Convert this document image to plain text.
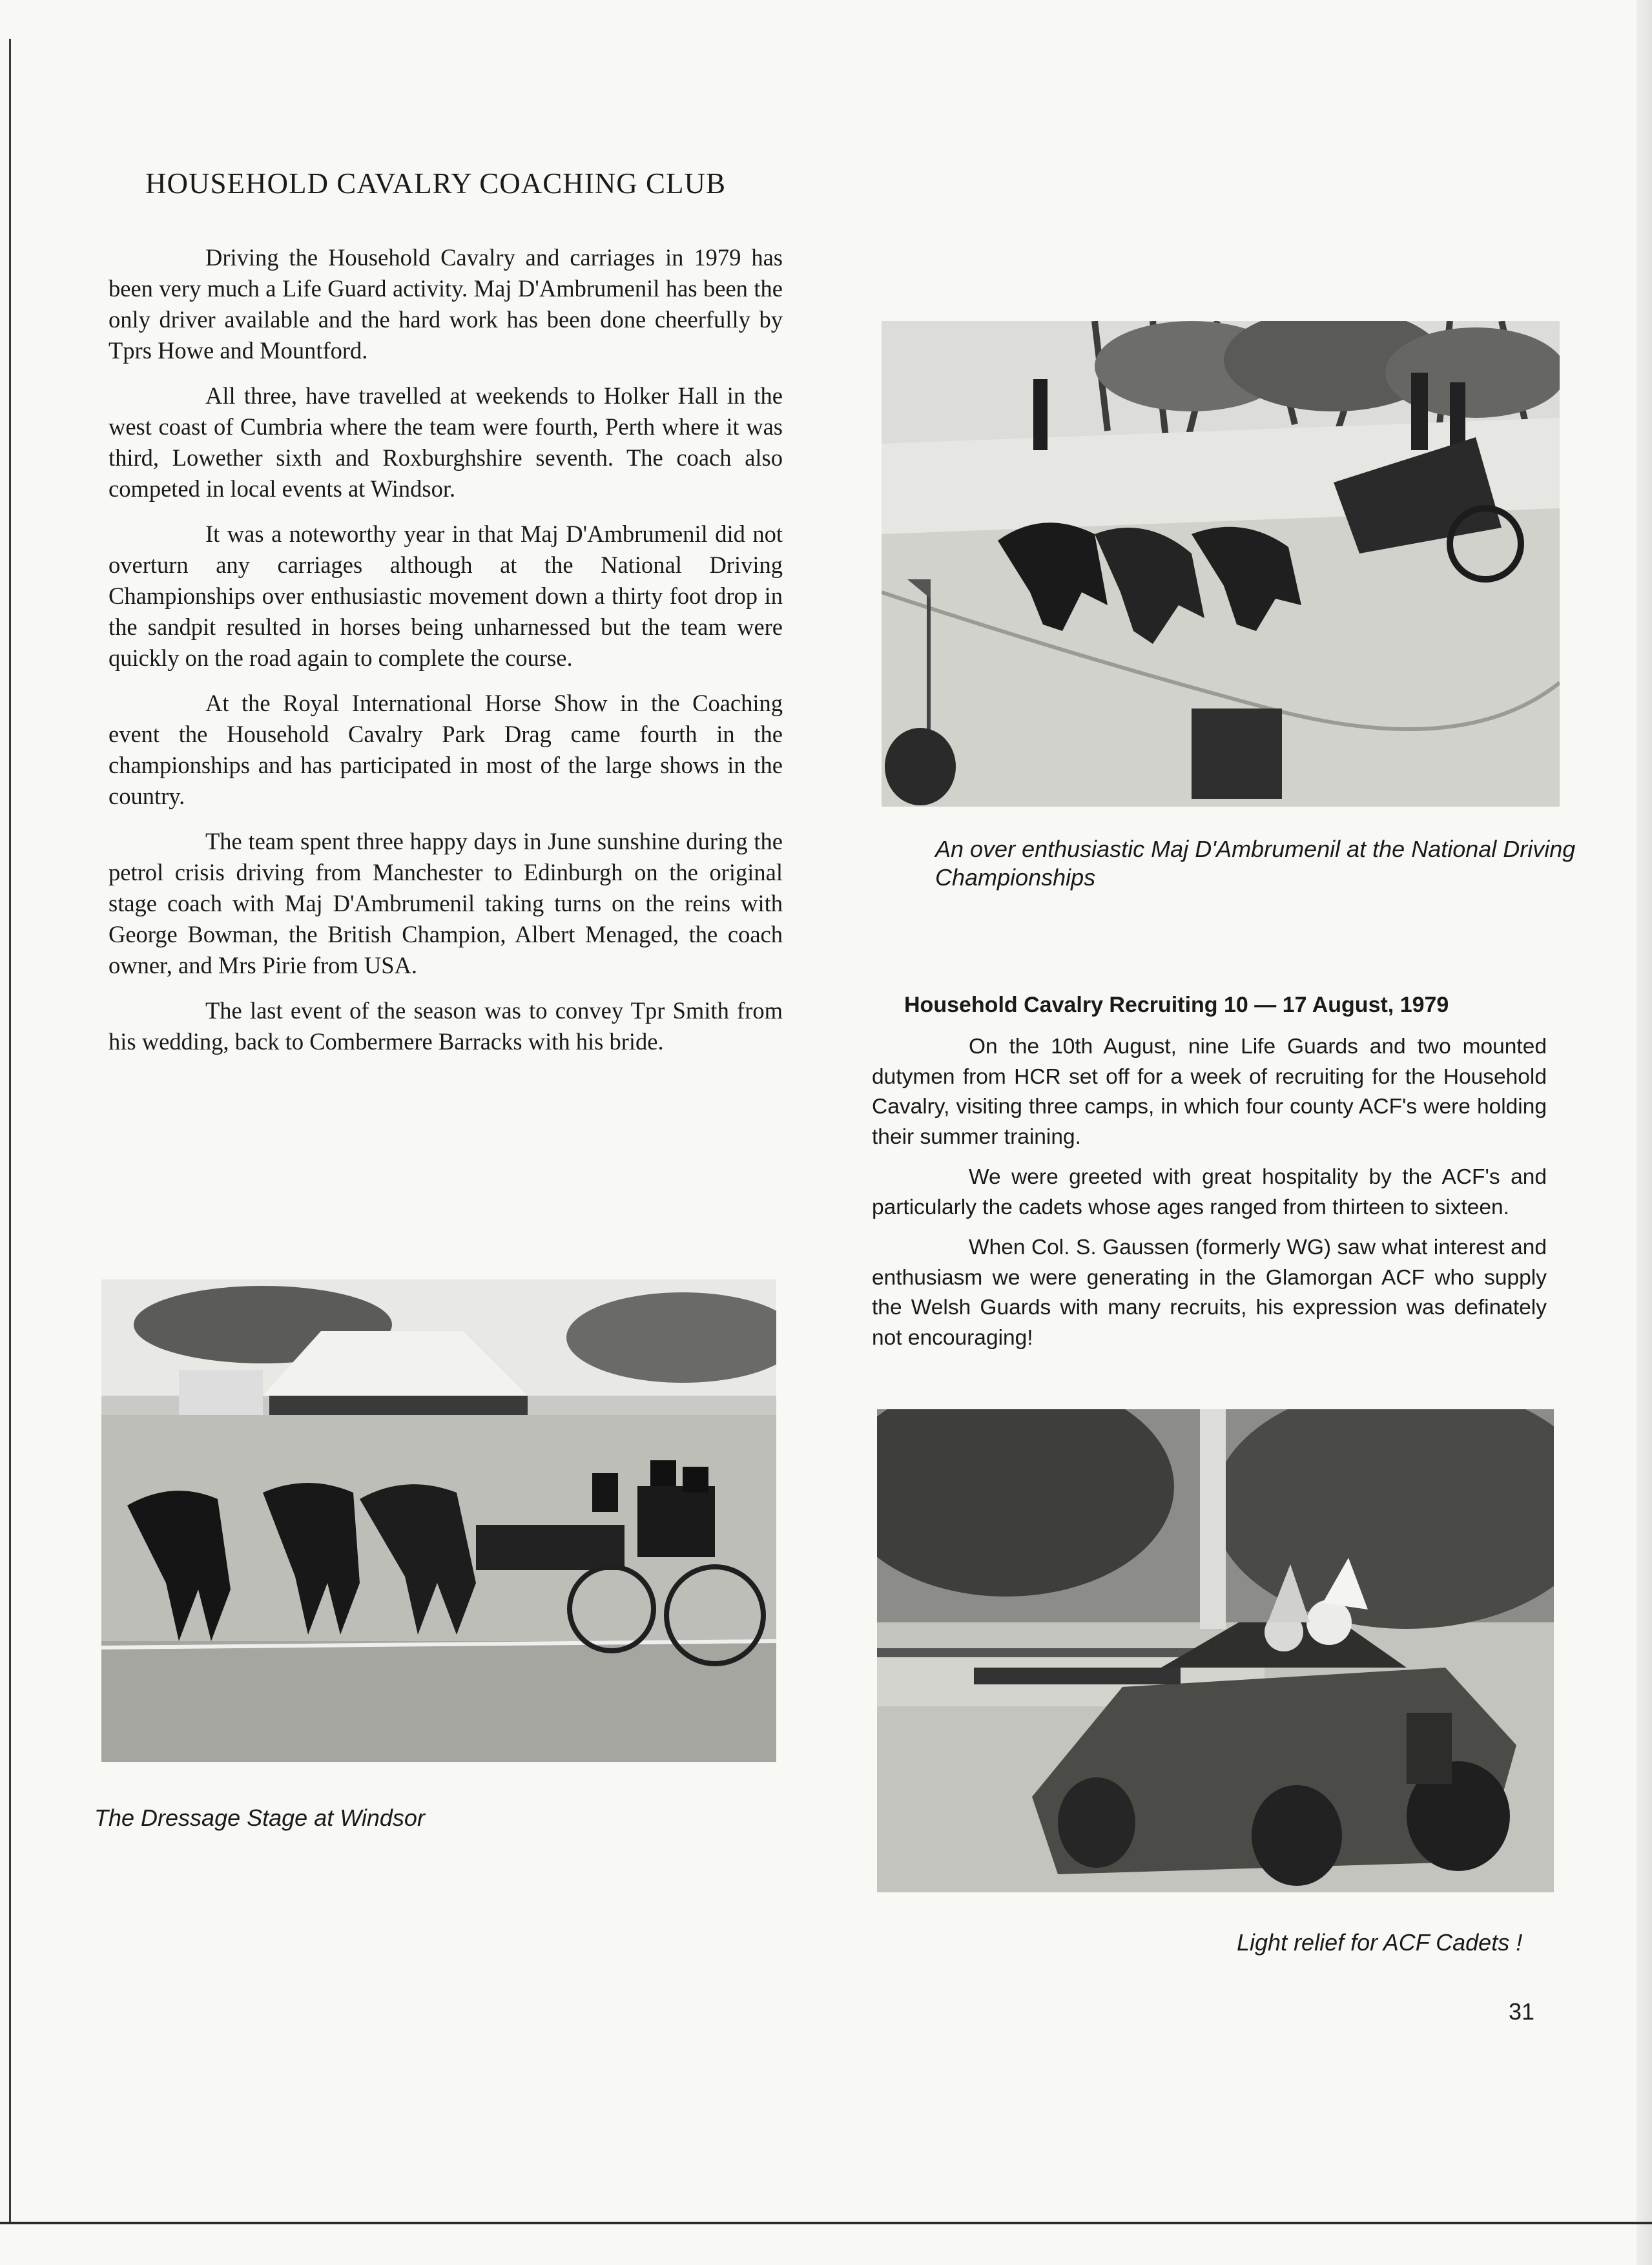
HOUSEHOLD CAVALRY COACHING CLUB

Driving the Household Cavalry and carriages in 1979 has been very much a Life Guard activity. Maj D'Ambrumenil has been the only driver available and the hard work has been done cheerfully by Tprs Howe and Mountford.

All three, have travelled at weekends to Holker Hall in the west coast of Cumbria where the team were fourth, Perth where it was third, Lowether sixth and Roxburghshire seventh. The coach also competed in local events at Windsor.

It was a noteworthy year in that Maj D'Ambrumenil did not overturn any carriages although at the National Driving Championships over enthusiastic movement down a thirty foot drop in the sandpit resulted in horses being unharnessed but the team were quickly on the road again to complete the course.

At the Royal International Horse Show in the Coaching event the Household Cavalry Park Drag came fourth in the championships and has participated in most of the large shows in the country.

The team spent three happy days in June sunshine during the petrol crisis driving from Manchester to Edinburgh on the original stage coach with Maj D'Ambrumenil taking turns on the reins with George Bowman, the British Champion, Albert Menaged, the coach owner, and Mrs Pirie from USA.

The last event of the season was to convey Tpr Smith from his wedding, back to Combermere Barracks with his bride.

An over enthusiastic Maj D'Ambrumenil at the National Driving Championships
The Dressage Stage at Windsor
Household Cavalry Recruiting 10 — 17 August, 1979

On the 10th August, nine Life Guards and two mounted dutymen from HCR set off for a week of recruiting for the Household Cavalry, visiting three camps, in which four county ACF's were holding their summer training.

We were greeted with great hospitality by the ACF's and particularly the cadets whose ages ranged from thirteen to sixteen.

When Col. S. Gaussen (formerly WG) saw what interest and enthusiasm we were generating in the Glamorgan ACF who supply the Welsh Guards with many recruits, his expression was definately not encouraging!

Light relief for ACF Cadets !
31
